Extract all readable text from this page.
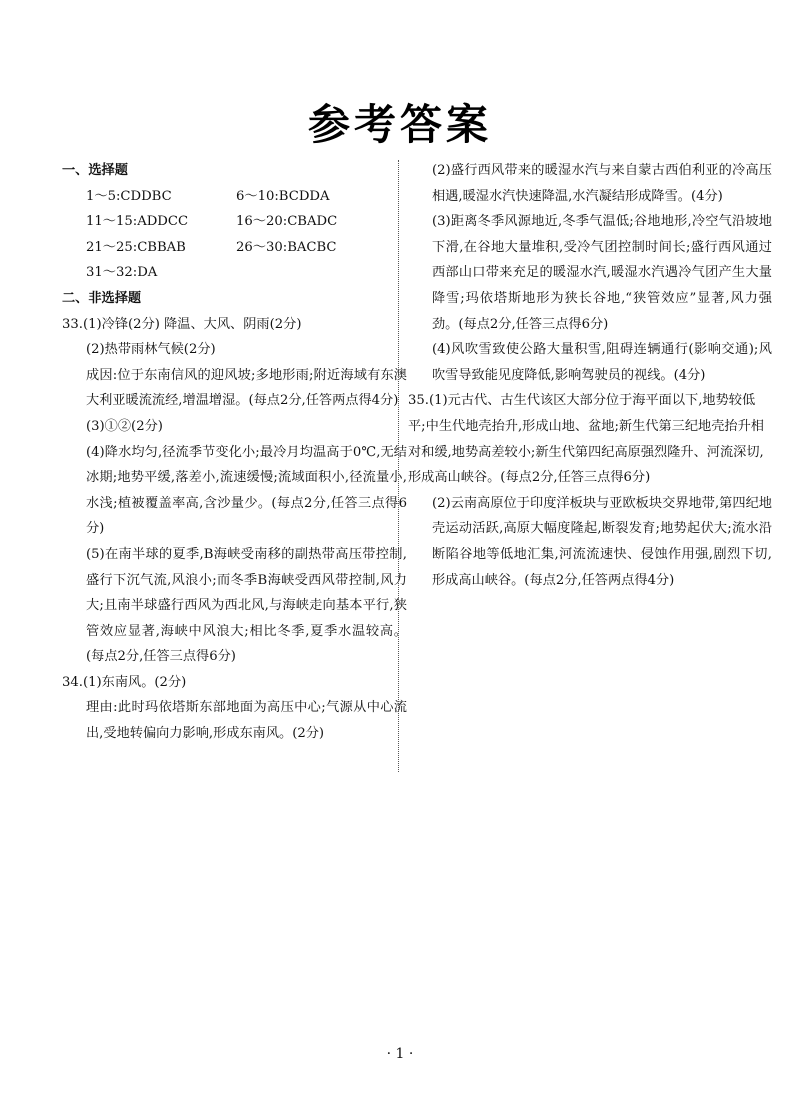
参考答案
一、选择题
1～5:CDDBC	6～10:BCDDA
11～15:ADDCC	16～20:CBADC
21～25:CBBAB	26～30:BACBC
31～32:DA
二、非选择题
33.(1)冷锋(2分) 降温、大风、阴雨(2分)

(2)热带雨林气候(2分)

成因:位于东南信风的迎风坡;多地形雨;附近海域有东澳大利亚暖流流经,增温增湿。(每点2分,任答两点得4分)

(3)①②(2分)

(4)降水均匀,径流季节变化小;最冷月均温高于0℃,无结冰期;地势平缓,落差小,流速缓慢;流域面积小,径流量小,水浅;植被覆盖率高,含沙量少。(每点2分,任答三点得6分)

(5)在南半球的夏季,B海峡受南移的副热带高压带控制,盛行下沉气流,风浪小;而冬季B海峡受西风带控制,风力大;且南半球盛行西风为西北风,与海峡走向基本平行,狭管效应显著,海峡中风浪大;相比冬季,夏季水温较高。(每点2分,任答三点得6分)

34.(1)东南风。(2分)

理由:此时玛依塔斯东部地面为高压中心;气源从中心流出,受地转偏向力影响,形成东南风。(2分)

(2)盛行西风带来的暖湿水汽与来自蒙古西伯利亚的冷高压相遇,暖湿水汽快速降温,水汽凝结形成降雪。(4分)

(3)距离冬季风源地近,冬季气温低;谷地地形,冷空气沿坡地下滑,在谷地大量堆积,受冷气团控制时间长;盛行西风通过西部山口带来充足的暖湿水汽,暖湿水汽遇冷气团产生大量降雪;玛依塔斯地形为狭长谷地,“狭管效应”显著,风力强劲。(每点2分,任答三点得6分)

(4)风吹雪致使公路大量积雪,阻碍连辆通行(影响交通);风吹雪导致能见度降低,影响驾驶员的视线。(4分)

35.(1)元古代、古生代该区大部分位于海平面以下,地势较低平;中生代地壳抬升,形成山地、盆地;新生代第三纪地壳抬升相对和缓,地势高差较小;新生代第四纪高原强烈隆升、河流深切,形成高山峡谷。(每点2分,任答三点得6分)

(2)云南高原位于印度洋板块与亚欧板块交界地带,第四纪地壳运动活跃,高原大幅度隆起,断裂发育;地势起伏大;流水沿断陷谷地等低地汇集,河流流速快、侵蚀作用强,剧烈下切,形成高山峡谷。(每点2分,任答两点得4分)

· 1 ·
